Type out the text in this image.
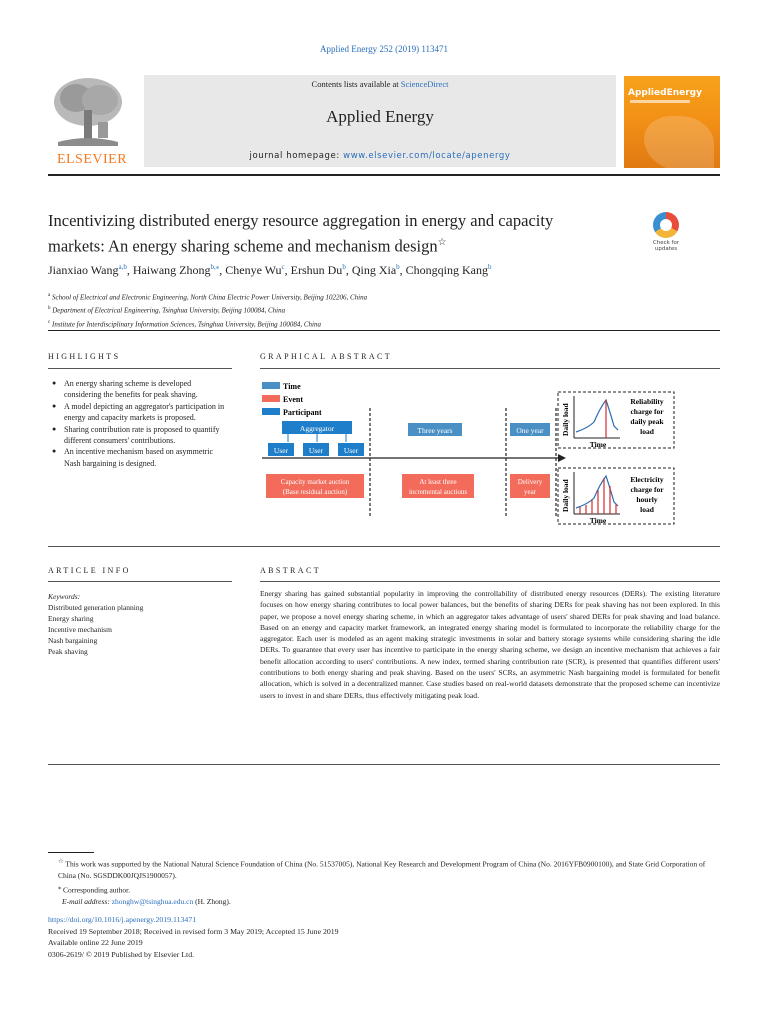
Applied Energy 252 (2019) 113471
ELSEVIER
Contents lists available at ScienceDirect
Applied Energy
journal homepage: www.elsevier.com/locate/apenergy
AppliedEnergy
Incentivizing distributed energy resource aggregation in energy and capacity markets: An energy sharing scheme and mechanism design☆	Check for
updates
Jianxiao Wang$^{a,b}$, Haiwang Zhong$^{b,⁎}$, Chenye Wu$^c$, Ershun Du$^b$, Qing Xia$^b$, Chongqing Kang$^b$
$^a$ School of Electrical and Electronic Engineering, North China Electric Power University, Beijing 102206, China
$^b$ Department of Electrical Engineering, Tsinghua University, Beijing 100084, China
$^c$ Institute for Interdisciplinary Information Sciences, Tsinghua University, Beijing 100084, China
HIGHLIGHTS
● An energy sharing scheme is developed considering the benefits for peak shaving.
● A model depicting an aggregator's participation in energy and capacity markets is proposed.
● Sharing contribution rate is proposed to quantify different consumers' contributions.
● An incentive mechanism based on asymmetric Nash bargaining is designed.
GRAPHICAL ABSTRACT
Time
Event
Participant
Aggregator
User	User	User
Three years	One year
Capacity market auction
(Base residual auction)
At least three
incremental auctions
Delivery
year
Daily load
Time
Reliability
charge for
daily peak
load
Daily load
Time
Electricity
charge for
hourly
load
ARTICLE INFO
Keywords:
Distributed generation planning
Energy sharing
Incentive mechanism
Nash bargaining
Peak shaving
ABSTRACT
Energy sharing has gained substantial popularity in improving the controllability of distributed energy resources (DERs). The existing literature focuses on how energy sharing contributes to local power balances, but the benefits of sharing DERs for peak shaving has not been explored. In this paper, we propose a novel energy sharing scheme, in which an aggregator takes advantage of users' shared DERs for peak shaving and load balance. Based on an energy and capacity market framework, an integrated energy sharing model is formulated to incorporate the reliability charge for the aggregator. Each user is modeled as an agent making strategic investments in solar and battery storage systems while considering sharing the idle DERs. To guarantee that every user has incentive to participate in the energy sharing scheme, we design an incentive mechanism that achieves a fair benefit allocation according to users' contributions. A new index, termed sharing contribution rate (SCR), is presented that quantifies different users' contributions to both energy sharing and peak shaving. Based on the users' SCRs, an asymmetric Nash bargaining model is formulated for benefit allocation, which is solved in a decentralized manner. Case studies based on real-world datasets demonstrate that the proposed scheme can incentivize users to invest in and share DERs, thus effectively mitigating peak load.
☆ This work was supported by the National Natural Science Foundation of China (No. 51537005), National Key Research and Development Program of China (No. 2016YFB0900100), and State Grid Corporation of China (No. SGSDDK00JQJS1900057).
⁎ Corresponding author.
E-mail address: zhonghw@tsinghua.edu.cn (H. Zhong).
https://doi.org/10.1016/j.apenergy.2019.113471
Received 19 September 2018; Received in revised form 3 May 2019; Accepted 15 June 2019
Available online 22 June 2019
0306-2619/ © 2019 Published by Elsevier Ltd.
